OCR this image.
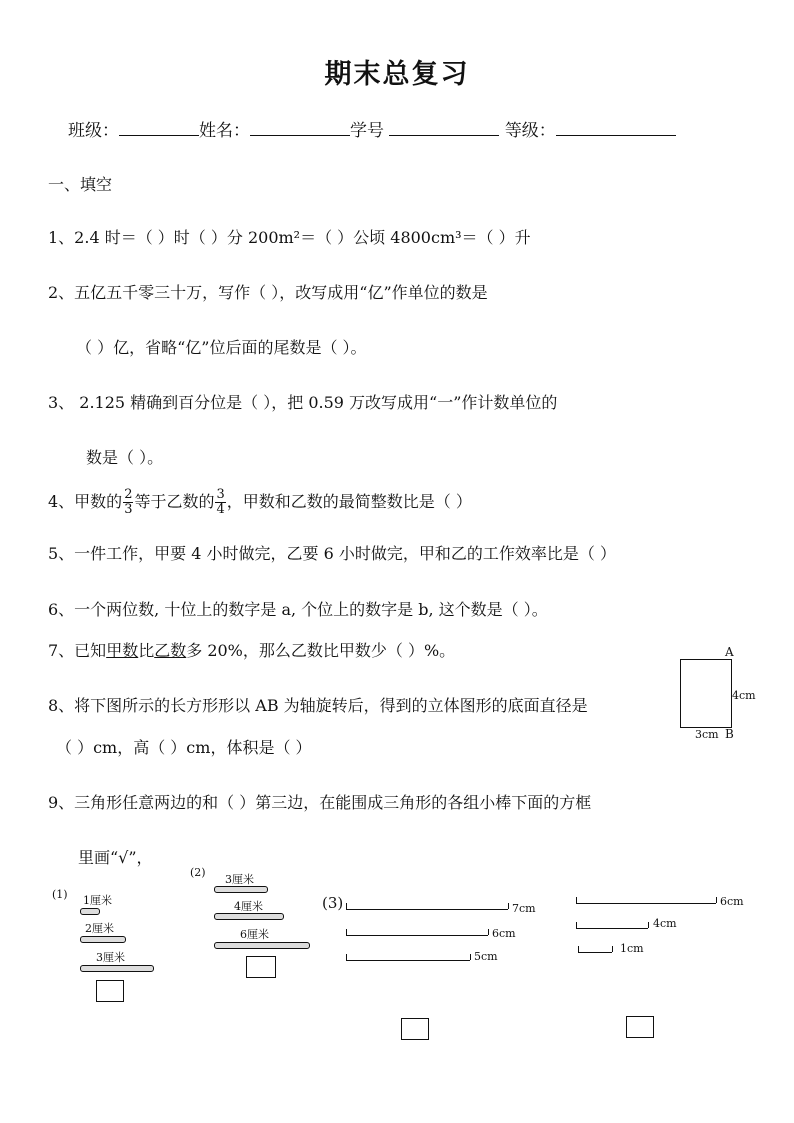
期末总复习
班级：	姓名：	学号	等级：
一、填空
1、2.4 时＝（ ）时（ ）分 200m²＝（ ）公顷 4800cm³＝（ ）升
2、五亿五千零三十万，写作（ ），改写成用“亿”作单位的数是
（ ）亿，省略“亿”位后面的尾数是（ ）。
3、 2.125 精确到百分位是（ ），把 0.59 万改写成用“一”作计数单位的
数是（ ）。
4、甲数的 $\frac{2}{3}$ 等于乙数的 $\frac{3}{4}$ ，甲数和乙数的最简整数比是（ ）
5、一件工作，甲要 4 小时做完，乙要 6 小时做完，甲和乙的工作效率比是（ ）
6、一个两位数, 十位上的数字是 a, 个位上的数字是 b, 这个数是（ ）。
7、已知甲数比乙数多 20%，那么乙数比甲数少（ ）%。
8、将下图所示的长方形形以 AB 为轴旋转后，得到的立体图形的底面直径是
（ ）cm，高（ ）cm，体积是（ ）
A
B
4cm
3cm
9、三角形任意两边的和（ ）第三边，在能围成三角形的各组小棒下面的方框
里画“√”，
(1) 1厘米
2厘米
3厘米
(2)
3厘米
4厘米
6厘米
(3)	7cm
6cm
5cm
6cm
4cm
1cm
